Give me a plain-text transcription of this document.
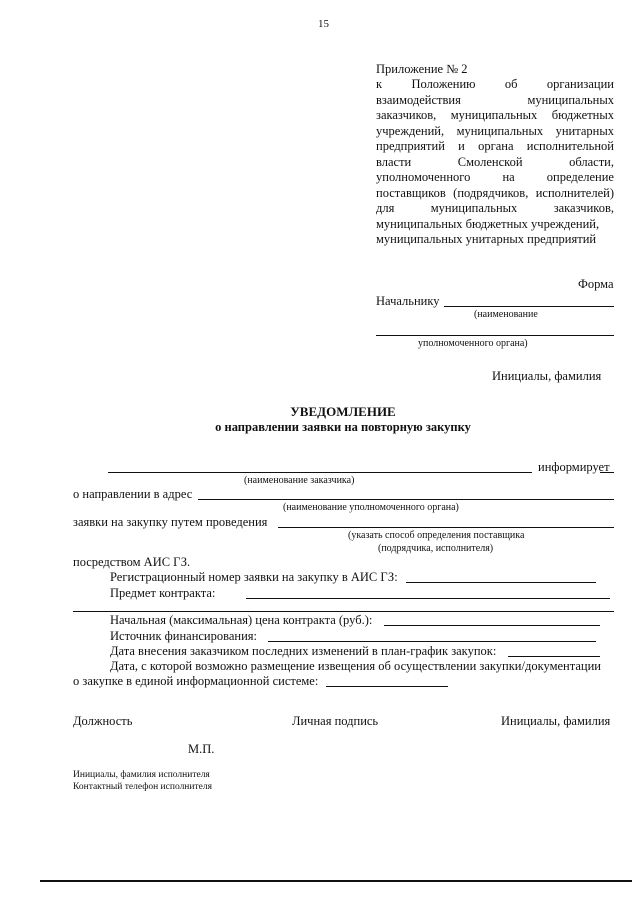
15
Приложение № 2
к Положению об организации
взаимодействия	муниципальных
заказчиков, муниципальных бюджетных
учреждений, муниципальных унитарных
предприятий и органа исполнительной
власти	Смоленской	области,
уполномоченного	на	определение
поставщиков (подрядчиков, исполнителей)
для	муниципальных	заказчиков,
муниципальных бюджетных учреждений,
муниципальных унитарных предприятий
Форма
Начальнику
(наименование
уполномоченного органа)
Инициалы, фамилия
УВЕДОМЛЕНИЕ
о направлении заявки на повторную закупку
информирует
(наименование заказчика)
о направлении в адрес
(наименование уполномоченного органа)
заявки на закупку путем проведения
(указать способ определения поставщика
(подрядчика, исполнителя)
посредством АИС ГЗ.
Регистрационный номер заявки на закупку в АИС ГЗ:
Предмет контракта:
Начальная (максимальная) цена контракта (руб.):
Источник финансирования:
Дата внесения заказчиком последних изменений в план-график закупок:
Дата, с которой возможно размещение извещения об осуществлении закупки/документации
о закупке в единой информационной системе:
Должность	Личная подпись	Инициалы, фамилия
М.П.
Инициалы, фамилия исполнителя
Контактный телефон исполнителя
